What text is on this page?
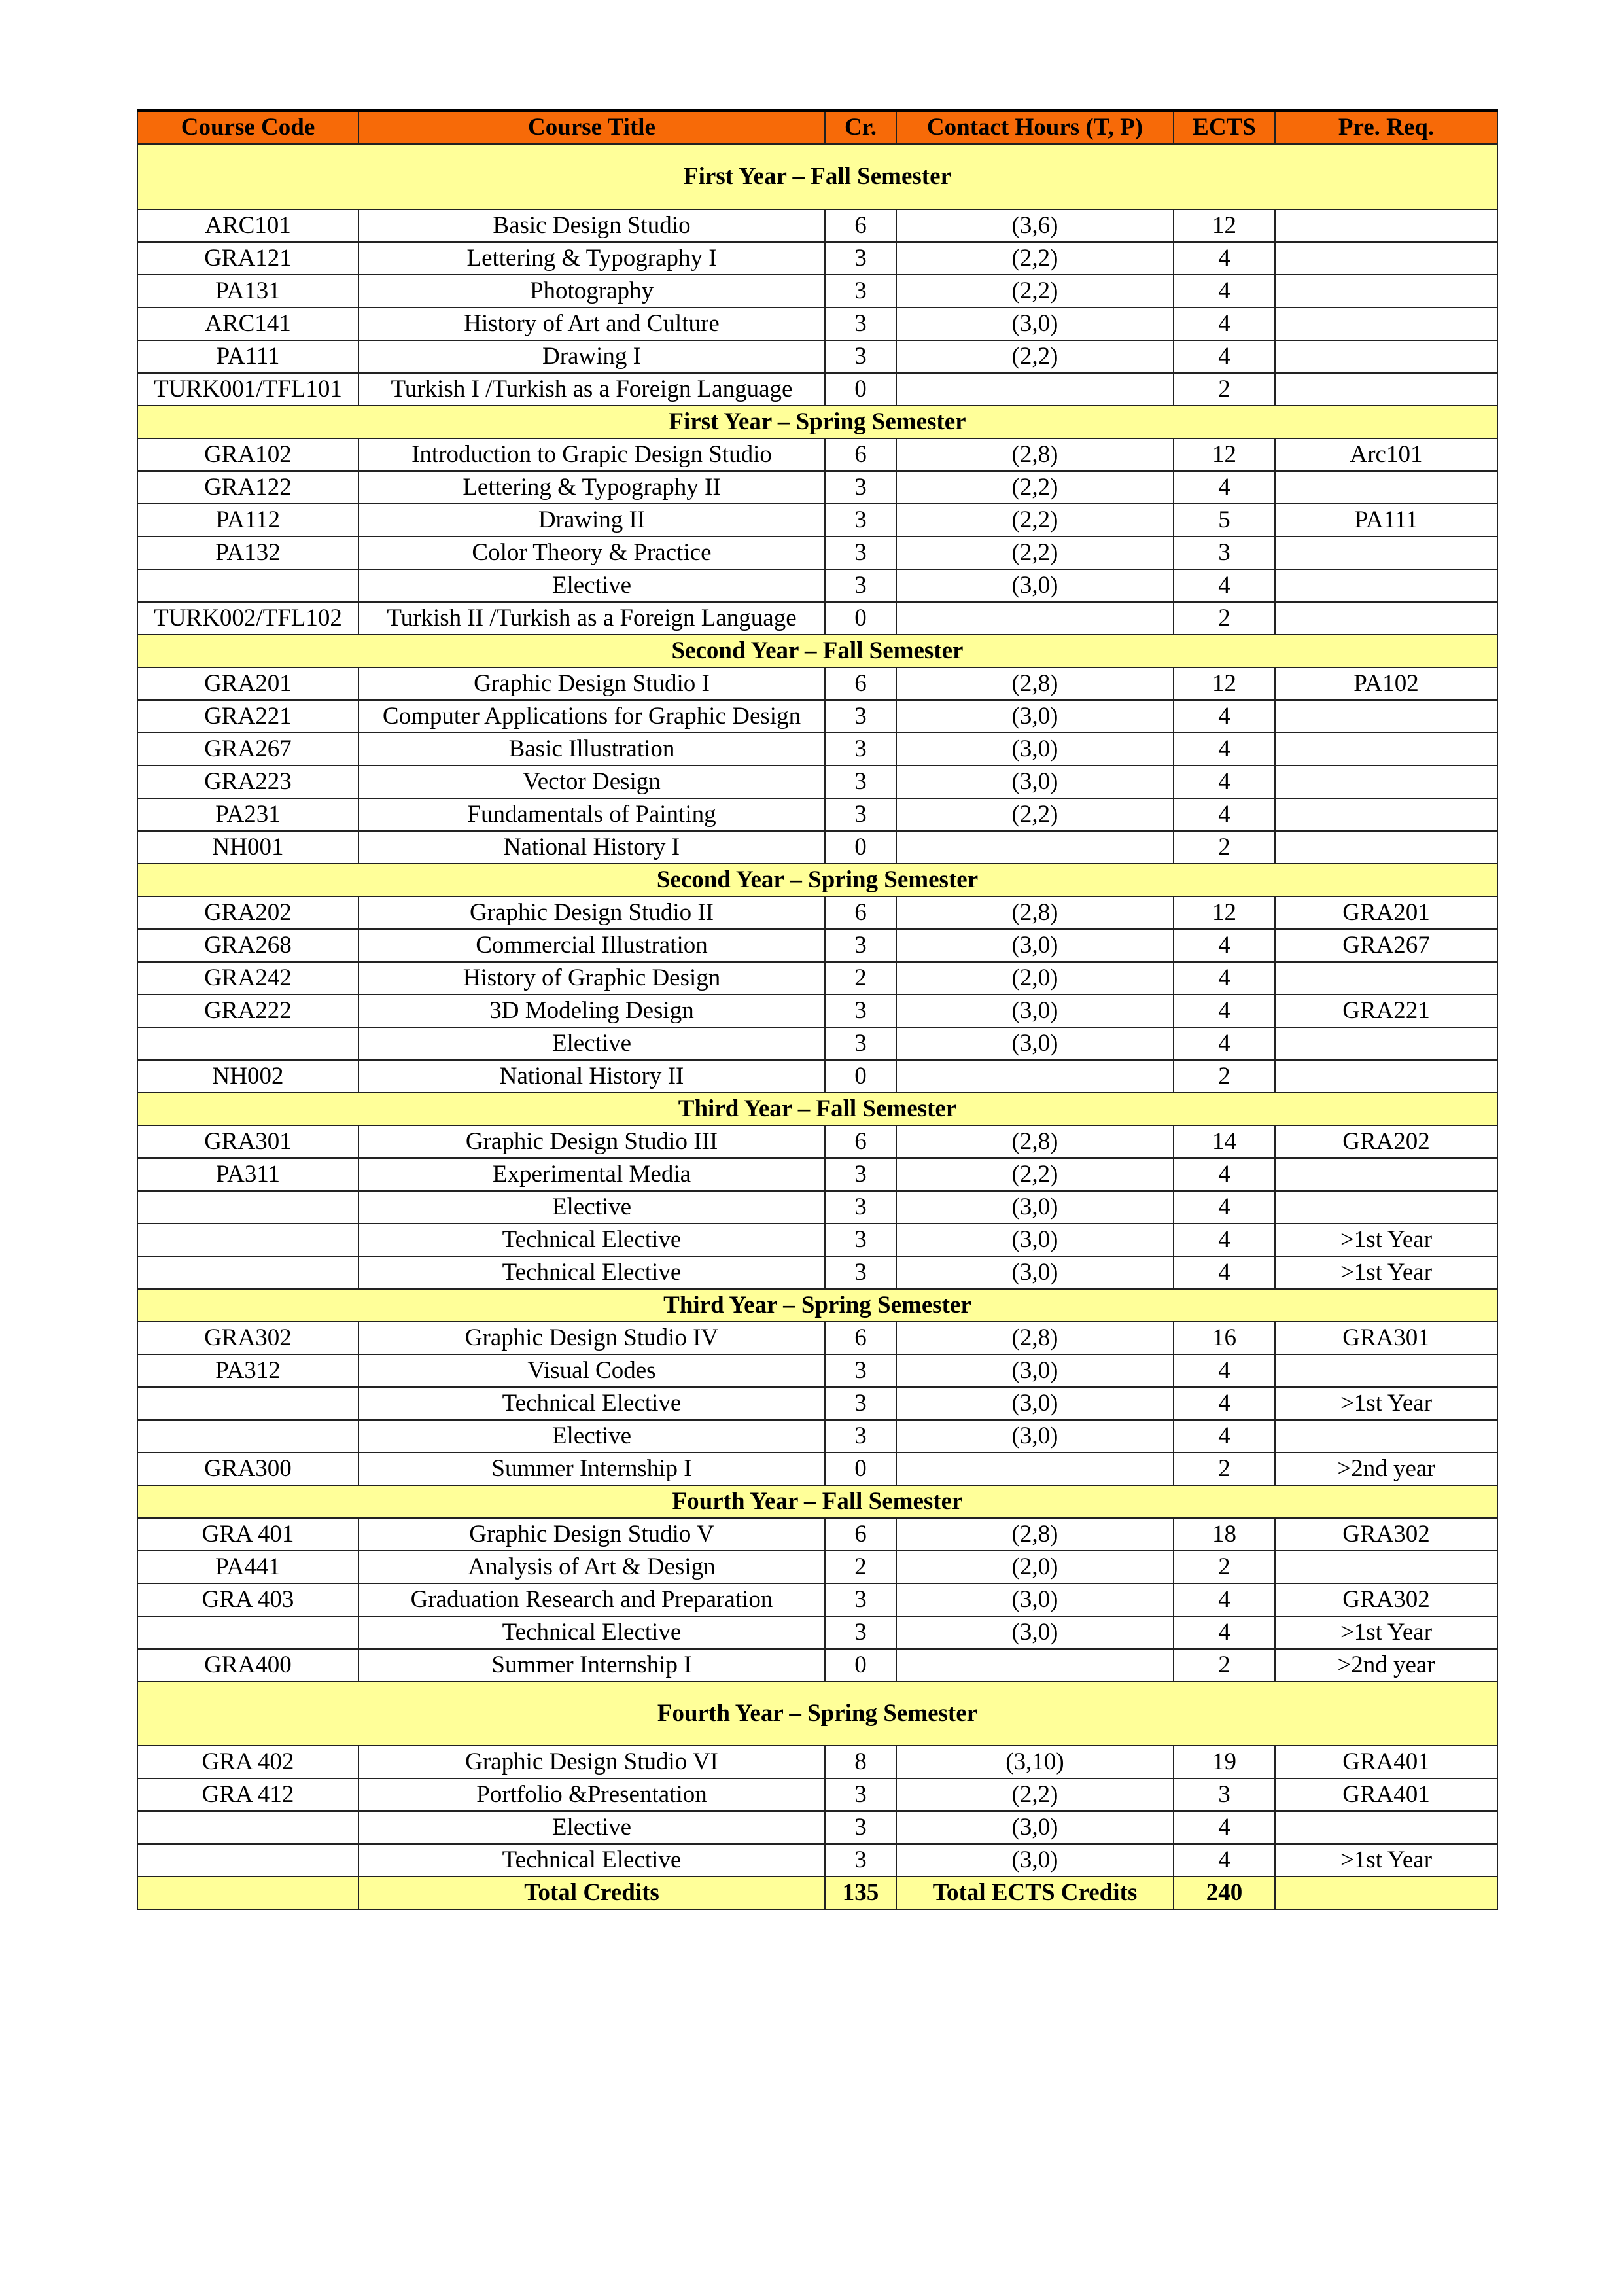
Course Code	Course Title	Cr.	Contact Hours (T, P)	ECTS	Pre. Req.
First Year – Fall Semester					
ARC101	Basic Design Studio	6	(3,6)	12	
GRA121	Lettering & Typography I	3	(2,2)	4	
PA131	Photography	3	(2,2)	4	
ARC141	History of Art and Culture	3	(3,0)	4	
PA111	Drawing I	3	(2,2)	4	
TURK001/TFL101	Turkish I /Turkish as a Foreign Language	0		2	
First Year – Spring Semester					
GRA102	Introduction to Grapic Design Studio	6	(2,8)	12	Arc101
GRA122	Lettering & Typography II	3	(2,2)	4	
PA112	Drawing II	3	(2,2)	5	PA111
PA132	Color Theory & Practice	3	(2,2)	3	
	Elective	3	(3,0)	4	
TURK002/TFL102	Turkish II /Turkish as a Foreign Language	0		2	
Second Year – Fall Semester					
GRA201	Graphic Design Studio I	6	(2,8)	12	PA102
GRA221	Computer Applications for Graphic Design	3	(3,0)	4	
GRA267	Basic Illustration	3	(3,0)	4	
GRA223	Vector Design	3	(3,0)	4	
PA231	Fundamentals of Painting	3	(2,2)	4	
NH001	National History I	0		2	
Second Year – Spring Semester					
GRA202	Graphic Design Studio II	6	(2,8)	12	GRA201
GRA268	Commercial Illustration	3	(3,0)	4	GRA267
GRA242	History of Graphic Design	2	(2,0)	4	
GRA222	3D Modeling Design	3	(3,0)	4	GRA221
	Elective	3	(3,0)	4	
NH002	National History II	0		2	
Third Year – Fall Semester					
GRA301	Graphic Design Studio III	6	(2,8)	14	GRA202
PA311	Experimental Media	3	(2,2)	4	
	Elective	3	(3,0)	4	
	Technical Elective	3	(3,0)	4	>1st Year
	Technical Elective	3	(3,0)	4	>1st Year
Third Year – Spring Semester					
GRA302	Graphic Design Studio IV	6	(2,8)	16	GRA301
PA312	Visual Codes	3	(3,0)	4	
	Technical Elective	3	(3,0)	4	>1st Year
	Elective	3	(3,0)	4	
GRA300	Summer Internship I	0		2	>2nd year
Fourth Year – Fall Semester					
GRA 401	Graphic Design Studio V	6	(2,8)	18	GRA302
PA441	Analysis of Art & Design	2	(2,0)	2	
GRA 403	Graduation Research and Preparation	3	(3,0)	4	GRA302
	Technical Elective	3	(3,0)	4	>1st Year
GRA400	Summer Internship I	0		2	>2nd year
Fourth Year – Spring Semester					
GRA 402	Graphic Design Studio VI	8	(3,10)	19	GRA401
GRA 412	Portfolio &Presentation	3	(2,2)	3	GRA401
	Elective	3	(3,0)	4	
	Technical Elective	3	(3,0)	4	>1st Year
	Total Credits	135	Total ECTS Credits	240	
